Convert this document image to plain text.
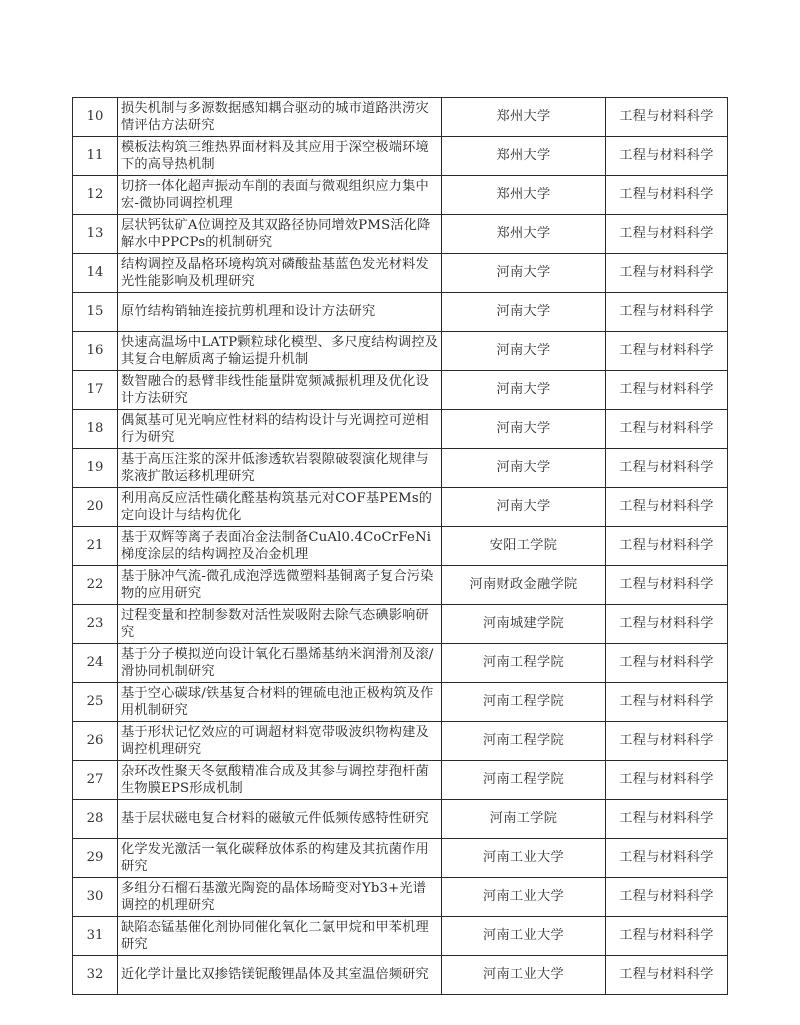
10	损失机制与多源数据感知耦合驱动的城市道路洪涝灾情评估方法研究	郑州大学	工程与材料科学
11	模板法构筑三维热界面材料及其应用于深空极端环境下的高导热机制	郑州大学	工程与材料科学
12	切挤一体化超声振动车削的表面与微观组织应力集中宏-微协同调控机理	郑州大学	工程与材料科学
13	层状钙钛矿A位调控及其双路径协同增效PMS活化降解水中PPCPs的机制研究	郑州大学	工程与材料科学
14	结构调控及晶格环境构筑对磷酸盐基蓝色发光材料发光性能影响及机理研究	河南大学	工程与材料科学
15	原竹结构销轴连接抗剪机理和设计方法研究	河南大学	工程与材料科学
16	快速高温场中LATP颗粒球化模型、多尺度结构调控及其复合电解质离子输运提升机制	河南大学	工程与材料科学
17	数智融合的悬臂非线性能量阱宽频减振机理及优化设计方法研究	河南大学	工程与材料科学
18	偶氮基可见光响应性材料的结构设计与光调控可逆相行为研究	河南大学	工程与材料科学
19	基于高压注浆的深井低渗透软岩裂隙破裂演化规律与浆液扩散运移机理研究	河南大学	工程与材料科学
20	利用高反应活性磺化醛基构筑基元对COF基PEMs的定向设计与结构优化	河南大学	工程与材料科学
21	基于双辉等离子表面冶金法制备CuAl0.4CoCrFeNi梯度涂层的结构调控及冶金机理	安阳工学院	工程与材料科学
22	基于脉冲气流-微孔成泡浮选微塑料基铜离子复合污染物的应用研究	河南财政金融学院	工程与材料科学
23	过程变量和控制参数对活性炭吸附去除气态碘影响研究	河南城建学院	工程与材料科学
24	基于分子模拟逆向设计氧化石墨烯基纳米润滑剂及滚/滑协同机制研究	河南工程学院	工程与材料科学
25	基于空心碳球/铁基复合材料的锂硫电池正极构筑及作用机制研究	河南工程学院	工程与材料科学
26	基于形状记忆效应的可调超材料宽带吸波织物构建及调控机理研究	河南工程学院	工程与材料科学
27	杂环改性聚天冬氨酸精准合成及其参与调控芽孢杆菌生物膜EPS形成机制	河南工程学院	工程与材料科学
28	基于层状磁电复合材料的磁敏元件低频传感特性研究	河南工学院	工程与材料科学
29	化学发光激活一氧化碳释放体系的构建及其抗菌作用研究	河南工业大学	工程与材料科学
30	多组分石榴石基激光陶瓷的晶体场畸变对Yb3+光谱调控的机理研究	河南工业大学	工程与材料科学
31	缺陷态锰基催化剂协同催化氧化二氯甲烷和甲苯机理研究	河南工业大学	工程与材料科学
32	近化学计量比双掺锆镁铌酸锂晶体及其室温倍频研究	河南工业大学	工程与材料科学
